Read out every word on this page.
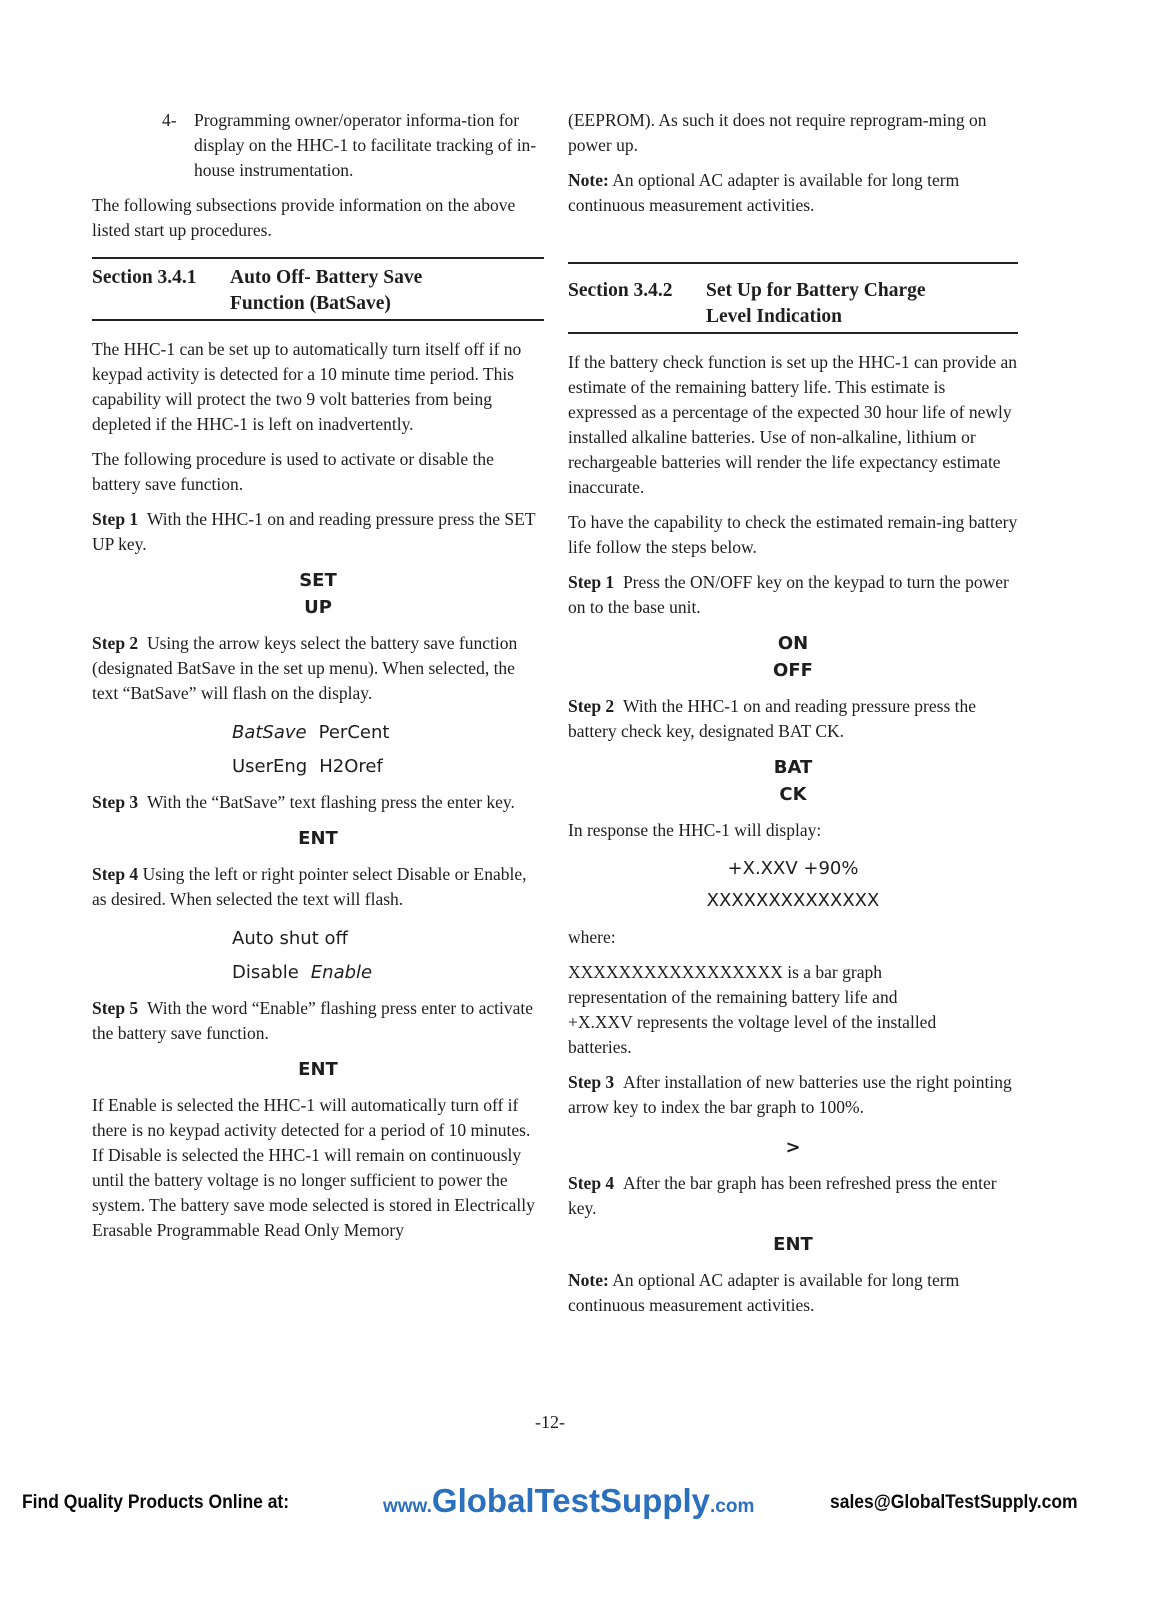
4- Programming owner/operator informa-tion for display on the HHC-1 to facilitate tracking of in-house instrumentation.

The following subsections provide information on the above listed start up procedures.

Section 3.4.1	Auto Off- Battery Save
Function (BatSave)

The HHC-1 can be set up to automatically turn itself off if no keypad activity is detected for a 10 minute time period. This capability will protect the two 9 volt batteries from being depleted if the HHC-1 is left on inadvertently.

The following procedure is used to activate or disable the battery save function.

Step 1 With the HHC-1 on and reading pressure press the SET UP key.

SET
UP

Step 2 Using the arrow keys select the battery save function (designated BatSave in the set up menu). When selected, the text “BatSave” will flash on the display.

BatSave PerCent
UserEng H2Oref

Step 3 With the “BatSave” text flashing press the enter key.

ENT

Step 4 Using the left or right pointer select Disable or Enable, as desired. When selected the text will flash.

Auto shut off
Disable Enable

Step 5 With the word “Enable” flashing press enter to activate the battery save function.

ENT

If Enable is selected the HHC-1 will automatically turn off if there is no keypad activity detected for a period of 10 minutes. If Disable is selected the HHC-1 will remain on continuously until the battery voltage is no longer sufficient to power the system. The battery save mode selected is stored in Electrically Erasable Programmable Read Only Memory

(EEPROM). As such it does not require reprogram-ming on power up.

Note: An optional AC adapter is available for long term continuous measurement activities.

Section 3.4.2	Set Up for Battery Charge
Level Indication

If the battery check function is set up the HHC-1 can provide an estimate of the remaining battery life. This estimate is expressed as a percentage of the expected 30 hour life of newly installed alkaline batteries. Use of non-alkaline, lithium or rechargeable batteries will render the life expectancy estimate inaccurate.

To have the capability to check the estimated remain-ing battery life follow the steps below.

Step 1 Press the ON/OFF key on the keypad to turn the power on to the base unit.

ON
OFF

Step 2 With the HHC-1 on and reading pressure press the battery check key, designated BAT CK.

BAT
CK

In response the HHC-1 will display:

+X.XXV +90%
XXXXXXXXXXXXXX

where:

XXXXXXXXXXXXXXXXX is a bar graph representation of the remaining battery life and +X.XXV represents the voltage level of the installed batteries.

Step 3 After installation of new batteries use the right pointing arrow key to index the bar graph to 100%.

>

Step 4 After the bar graph has been refreshed press the enter key.

ENT

Note: An optional AC adapter is available for long term continuous measurement activities.

-12-
Find Quality Products Online at:	www.GlobalTestSupply.com	sales@GlobalTestSupply.com
